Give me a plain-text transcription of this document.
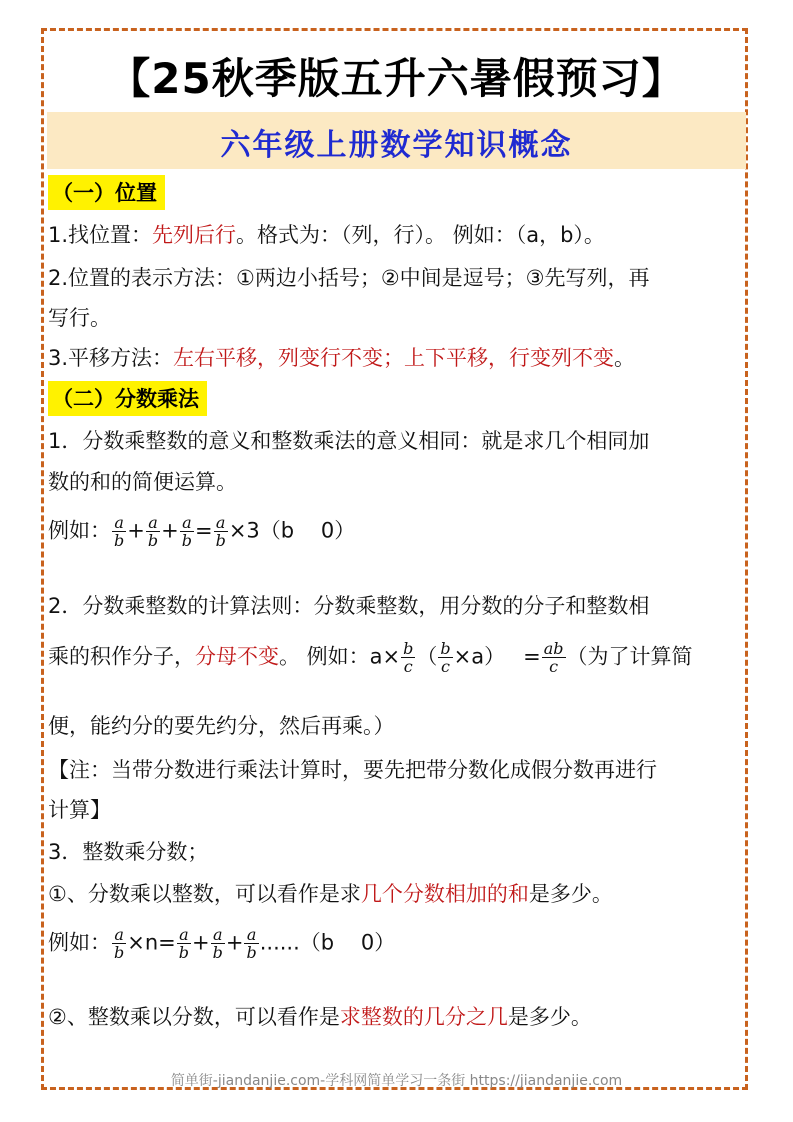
【25秋季版五升六暑假预习】
六年级上册数学知识概念
（一）位置
1.找位置：先列后行。格式为：（列，行）。 例如：（a，b）。
2.位置的表示方法：①两边小括号；②中间是逗号；③先写列，再
写行。
3.平移方法：左右平移，列变行不变；上下平移，行变列不变。
（二）分数乘法
1．分数乘整数的意义和整数乘法的意义相同：就是求几个相同加
数的和的简便运算。
例如： $\frac{a}{b} + \frac{a}{b} + \frac{a}{b} = \frac{a}{b} \times 3(b$    0）
2．分数乘整数的计算法则：分数乘整数，用分数的分子和整数相
乘的积作分子，分母不变。 例如：$a\times \frac{b}{c}$ （ $\frac{b}{c} \times a) = \frac{ab}{c}$ （为了计算简
便，能约分的要先约分，然后再乘。）
【注：当带分数进行乘法计算时，要先把带分数化成假分数再进行
计算】
3．整数乘分数；
①、分数乘以整数，可以看作是求几个分数相加的和是多少。
例如： $\frac{a}{b} \times n= \frac{a}{b} + \frac{a}{b} + \frac{a}{b} ......(b$    0）
②、整数乘以分数，可以看作是求整数的几分之几是多少。
简单街-jiandanjie.com-学科网简单学习一条街 https://jiandanjie.com
